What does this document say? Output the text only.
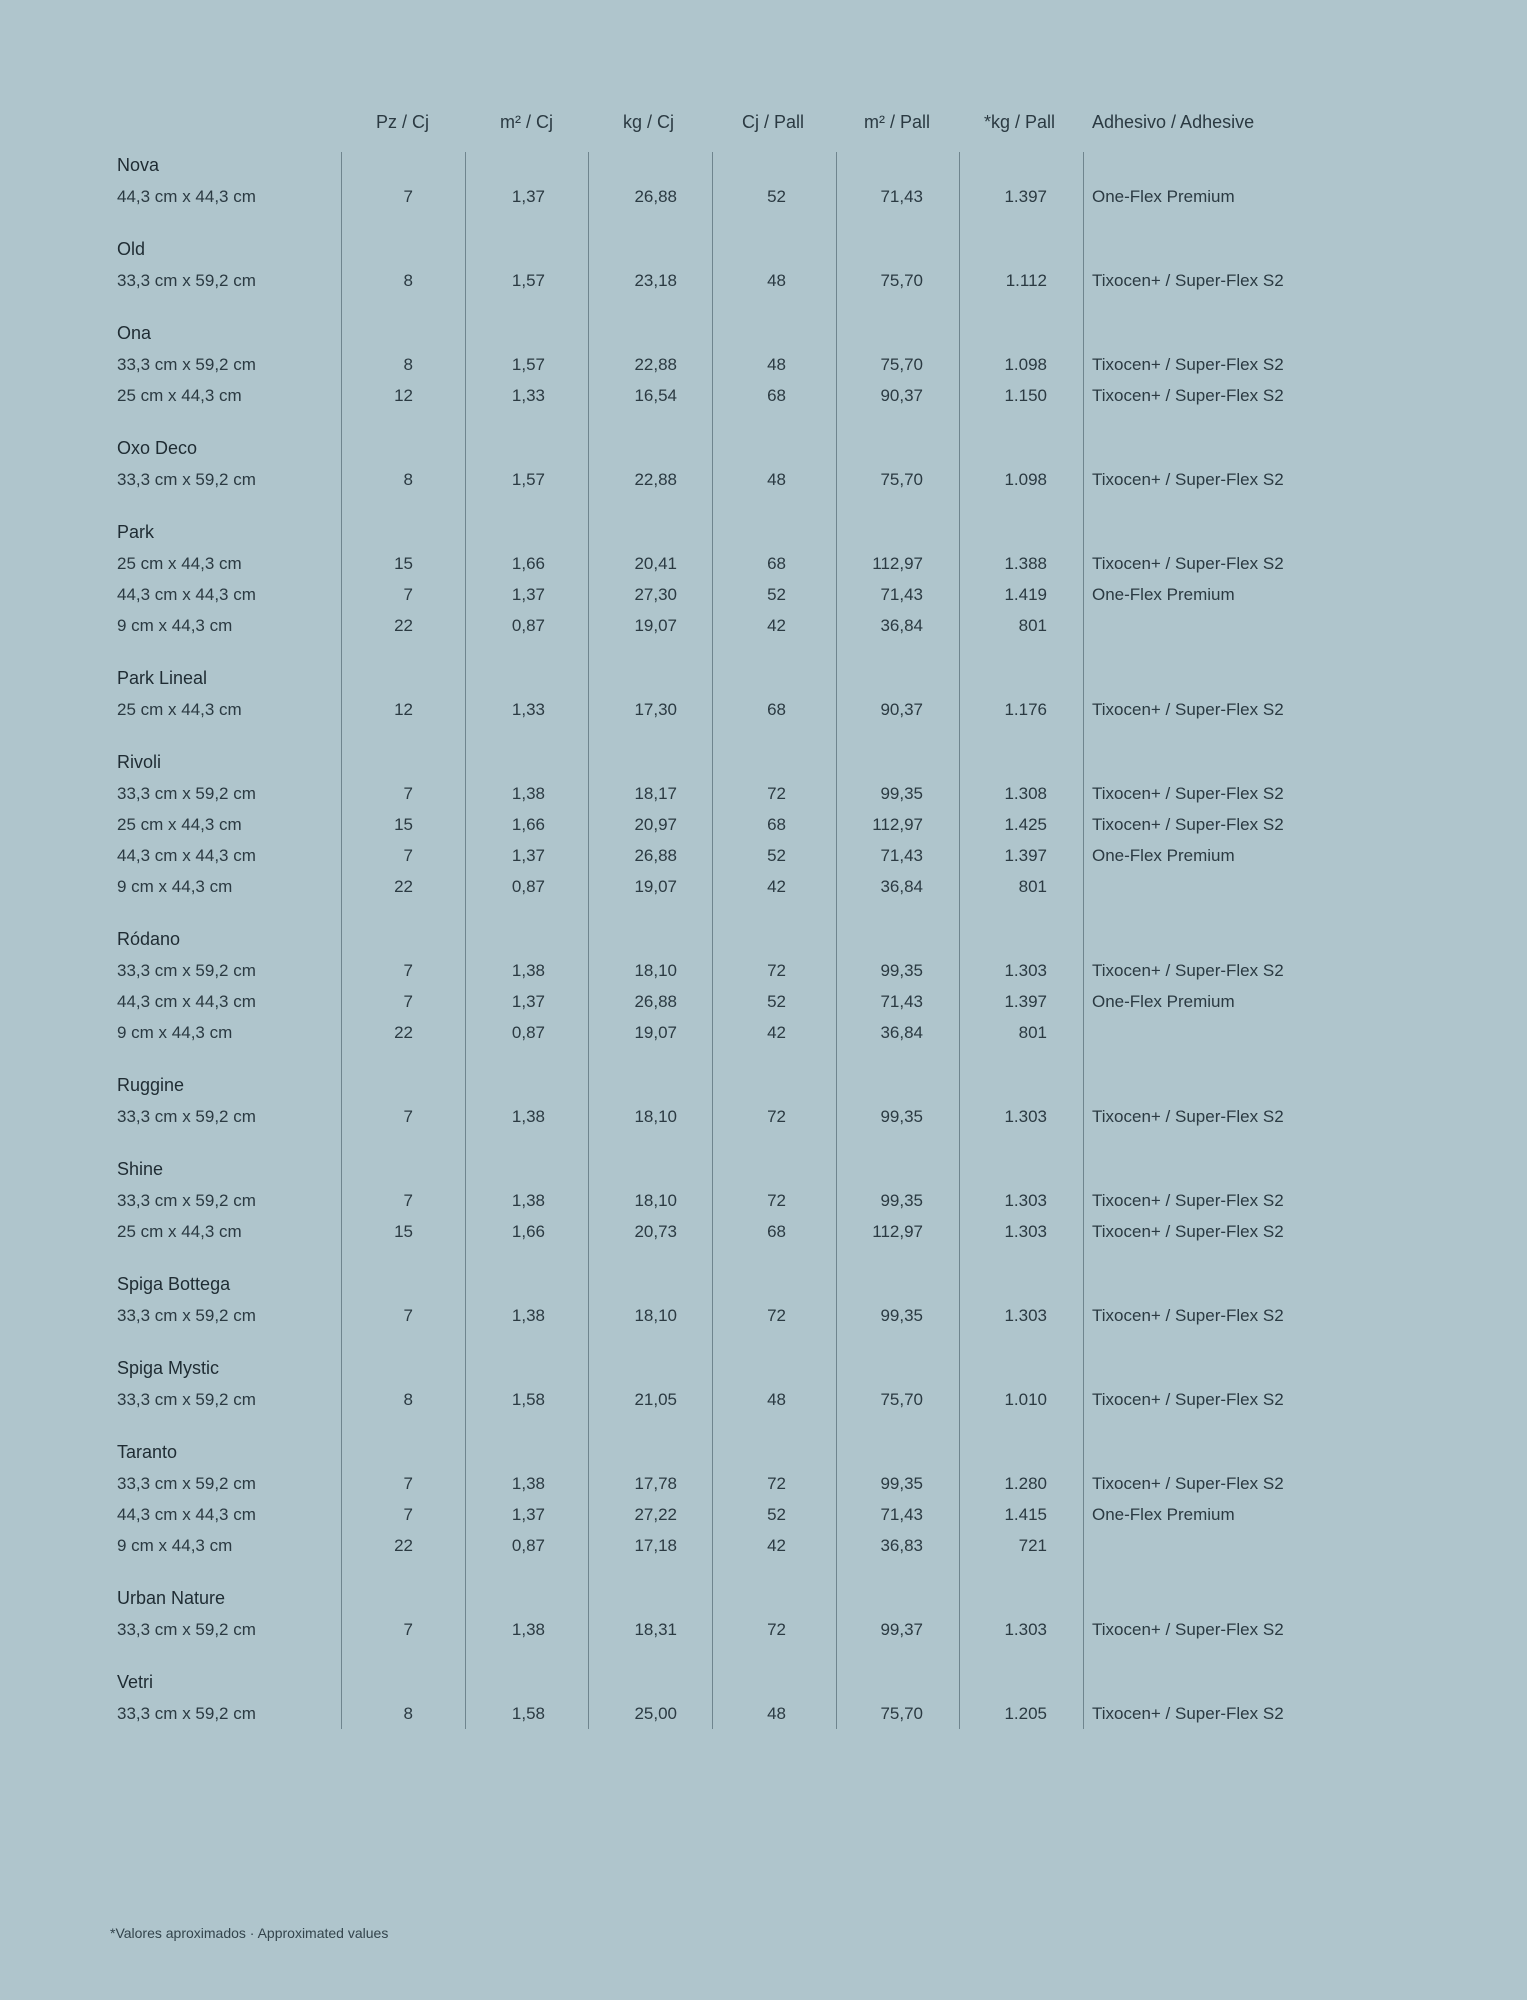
Pz / Cj	m² / Cj	kg / Cj	Cj / Pall	m² / Pall	*kg / Pall Adhesivo / Adhesive
Nova
44,3 cm x 44,3 cm	7	1,37	26,88	52	71,43	1.397	One-Flex Premium
Old
33,3 cm x 59,2 cm	8	1,57	23,18	48	75,70	1.112	Tixocen+ / Super-Flex S2
Ona
33,3 cm x 59,2 cm	8	1,57	22,88	48	75,70	1.098	Tixocen+ / Super-Flex S2
25 cm x 44,3 cm	12	1,33	16,54	68	90,37	1.150	Tixocen+ / Super-Flex S2
Oxo Deco
33,3 cm x 59,2 cm	8	1,57	22,88	48	75,70	1.098	Tixocen+ / Super-Flex S2
Park
25 cm x 44,3 cm	15	1,66	20,41	68	112,97	1.388	Tixocen+ / Super-Flex S2
44,3 cm x 44,3 cm	7	1,37	27,30	52	71,43	1.419	One-Flex Premium
9 cm x 44,3 cm	22	0,87	19,07	42	36,84	801
Park Lineal
25 cm x 44,3 cm	12	1,33	17,30	68	90,37	1.176	Tixocen+ / Super-Flex S2
Rivoli
33,3 cm x 59,2 cm	7	1,38	18,17	72	99,35	1.308	Tixocen+ / Super-Flex S2
25 cm x 44,3 cm	15	1,66	20,97	68	112,97	1.425	Tixocen+ / Super-Flex S2
44,3 cm x 44,3 cm	7	1,37	26,88	52	71,43	1.397	One-Flex Premium
9 cm x 44,3 cm	22	0,87	19,07	42	36,84	801
Ródano
33,3 cm x 59,2 cm	7	1,38	18,10	72	99,35	1.303	Tixocen+ / Super-Flex S2
44,3 cm x 44,3 cm	7	1,37	26,88	52	71,43	1.397	One-Flex Premium
9 cm x 44,3 cm	22	0,87	19,07	42	36,84	801
Ruggine
33,3 cm x 59,2 cm	7	1,38	18,10	72	99,35	1.303	Tixocen+ / Super-Flex S2
Shine
33,3 cm x 59,2 cm	7	1,38	18,10	72	99,35	1.303	Tixocen+ / Super-Flex S2
25 cm x 44,3 cm	15	1,66	20,73	68	112,97	1.303	Tixocen+ / Super-Flex S2
Spiga Bottega
33,3 cm x 59,2 cm	7	1,38	18,10	72	99,35	1.303	Tixocen+ / Super-Flex S2
Spiga Mystic
33,3 cm x 59,2 cm	8	1,58	21,05	48	75,70	1.010	Tixocen+ / Super-Flex S2
Taranto
33,3 cm x 59,2 cm	7	1,38	17,78	72	99,35	1.280	Tixocen+ / Super-Flex S2
44,3 cm x 44,3 cm	7	1,37	27,22	52	71,43	1.415	One-Flex Premium
9 cm x 44,3 cm	22	0,87	17,18	42	36,83	721
Urban Nature
33,3 cm x 59,2 cm	7	1,38	18,31	72	99,37	1.303	Tixocen+ / Super-Flex S2
Vetri
33,3 cm x 59,2 cm	8	1,58	25,00	48	75,70	1.205	Tixocen+ / Super-Flex S2
*Valores aproximados · Approximated values
